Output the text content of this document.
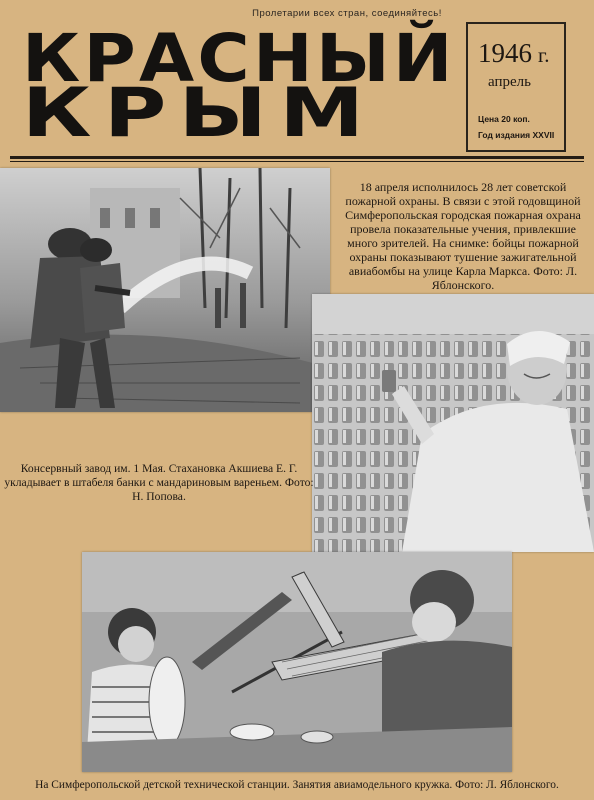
Пролетарии всех стран, соединяйтесь!
КРАСНЫЙ
КРЫМ
1946 г.
апрель
Цена 20 коп.
Год издания XXVII
18 апреля исполнилось 28 лет советской пожарной охраны. В связи с этой годовщиной Симферопольская городская пожарная охрана провела показательные учения, привлекшие много зрителей. На снимке: бойцы пожарной охраны показывают тушение зажигательной авиабомбы на улице Карла Маркса. Фото: Л. Яблонского.
Консервный завод им. 1 Мая. Стахановка Акшиева Е. Г. укладывает в штабеля банки с мандариновым вареньем. Фото: Н. Попова.
На Симферопольской детской технической станции. Занятия авиамодельного кружка. Фото: Л. Яблонского.
